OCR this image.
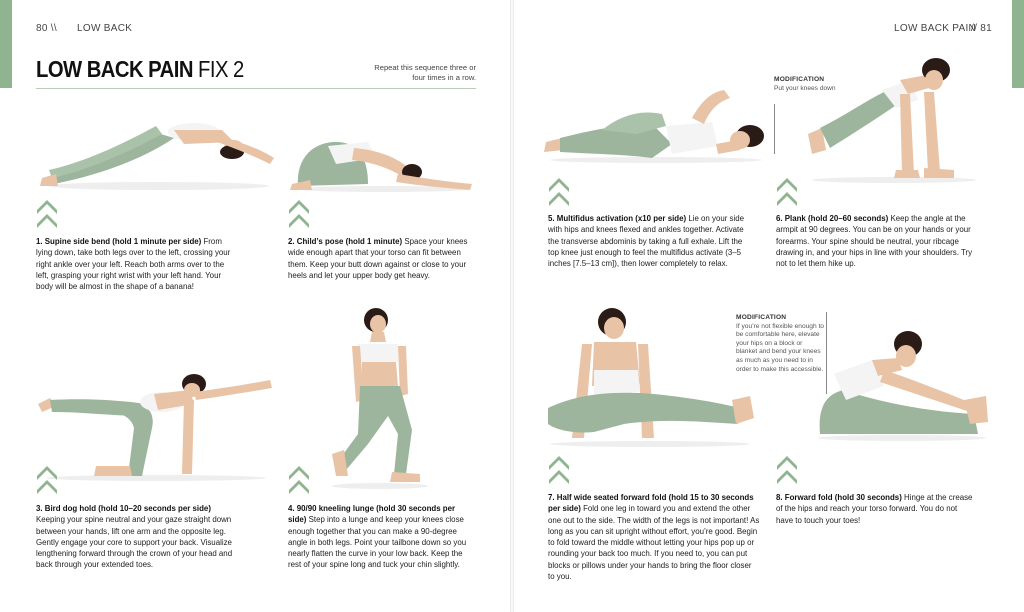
80 \\ LOW BACK	LOW BACK PAIN
// 81
LOW BACK PAIN FIX 2	Repeat this sequence three or four times in a row.
1. Supine side bend (hold 1 minute per side) From lying down, take both legs over to the left, crossing your right ankle over your left. Reach both arms over to the left, grasping your right wrist with your left hand. Your body will be almost in the shape of a banana!
2. Child’s pose (hold 1 minute) Space your knees wide enough apart that your torso can fit between them. Keep your butt down against or close to your heels and let your upper body get heavy.
3. Bird dog hold (hold 10–20 seconds per side) Keeping your spine neutral and your gaze straight down between your hands, lift one arm and the opposite leg. Gently engage your core to support your back. Visualize lengthening forward through the crown of your head and back through your extended toes.
4. 90/90 kneeling lunge (hold 30 seconds per side) Step into a lunge and keep your knees close enough together that you can make a 90-degree angle in both legs. Point your tailbone down so you nearly flatten the curve in your low back. Keep the rest of your spine long and tuck your chin slightly.
5. Multifidus activation (x10 per side) Lie on your side with hips and knees flexed and ankles together. Activate the transverse abdominis by taking a full exhale. Lift the top knee just enough to feel the multifidus activate (3–5 inches [7.5–13 cm]), then lower completely to relax.
6. Plank (hold 20–60 seconds) Keep the angle at the armpit at 90 degrees. You can be on your hands or your forearms. Your spine should be neutral, your ribcage drawing in, and your hips in line with your shoulders. Try not to let them hike up.
7. Half wide seated forward fold (hold 15 to 30 seconds per side) Fold one leg in toward you and extend the other one out to the side. The width of the legs is not important! As long as you can sit upright without effort, you’re good. Begin to fold toward the middle without letting your hips pop up or rounding your back too much. If you need to, you can put blocks or pillows under your hands to bring the floor closer to you.
8. Forward fold (hold 30 seconds) Hinge at the crease of the hips and reach your torso forward. You do not have to touch your toes!
MODIFICATION
Put your knees down
MODIFICATION
If you’re not flexible enough to be comfortable here, elevate your hips on a block or blanket and bend your knees as much as you need to in order to make this accessible.
